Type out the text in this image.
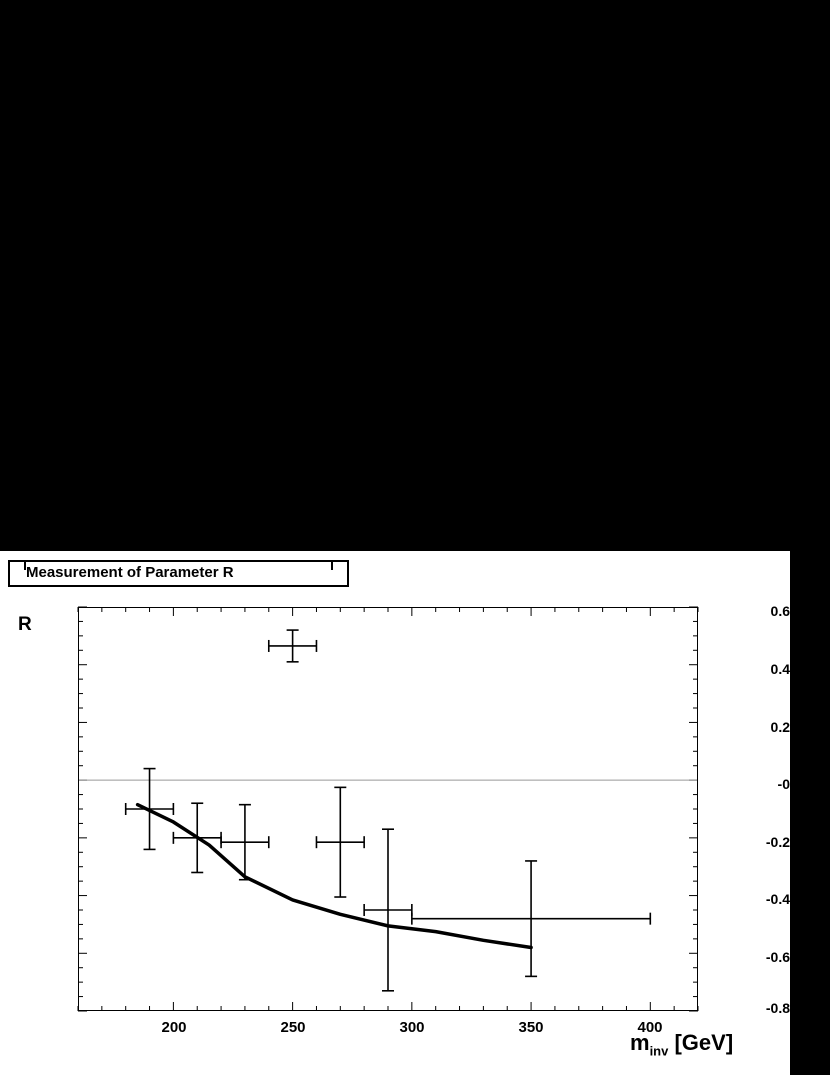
Measurement of Parameter R
R
$m_{inv}$ [GeV]
0.6
0.4
0.2
-0
-0.2
-0.4
-0.6
-0.8
200	250	300	350	400
